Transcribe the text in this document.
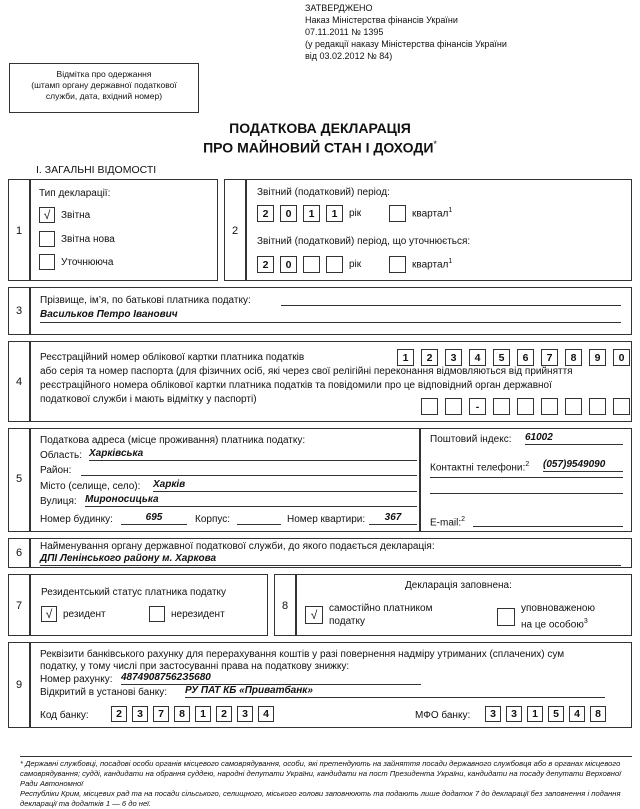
ЗАТВЕРДЖЕНО
Наказ Міністерства фінансів України
07.11.2011 № 1395
(у редакції наказу Міністерства фінансів України
від 03.02.2012 № 84)
Відмітка про одержання
(штамп органу державної податкової
служби, дата, вхідний номер)
ПОДАТКОВА ДЕКЛАРАЦІЯ
ПРО МАЙНОВИЙ СТАН І ДОХОДИ*
І. ЗАГАЛЬНІ ВІДОМОСТІ
1
Тип декларації:
√	Звітна
Звітна нова
Уточнююча
2
Звітний (податковий) період:
2	0	1	1	рік	квартал$^1$
Звітний (податковий) період, що уточнюється:
2	0	рік	квартал$^1$
3
Прізвище, ім’я, по батькові платника податку:
Васильков Петро Іванович
4
Реєстраційний номер облікової картки платника податків
або серія та номер паспорта (для фізичних осіб, які через свої релігійні переконання відмовляються від прийняття
реєстраційного номера облікової картки платника податків та повідомили про це відповідний орган державної
податкової служби і мають відмітку у паспорті)
1	2	3	4	5	6	7	8	9	0
-
5
Податкова адреса (місце проживання) платника податку:
Область: Харківська
Район:
Місто (селище, село): Харків
Вулиця: Мироносицька
Номер будинку:	695	Корпус:	Номер квартири:	367
Поштовий індекс: 61002
Контактні телефони:$^2$ (057)9549090
E-mail:$^2$
6
Найменування органу державної податкової служби, до якого подається декларація:
ДПІ Ленінського району м. Харкова
7
Резидентський статус платника податку
√	резидент	нерезидент
8
Декларація заповнена:
√	самостійно платником
податку
уповноваженою
на це особою$^3$
9
Реквізити банківського рахунку для перерахування коштів у разі повернення надміру утриманих (сплачених) сум
податку, у тому числі при застосуванні права на податкову знижку:
Номер рахунку: 48749087562З5680
Відкритий в установі банку: РУ ПАТ КБ «Приватбанк»
Код банку:	2	3	7	8	1	2	3	4	МФО банку:	3	3	1	5	4	8
* Державні службовці, посадові особи органів місцевого самоврядування, особи, які претендують на зайняття посади державного службовця або в органах місцевого
самоврядування; судді, кандидати на обрання суддею, народні депутати України, кандидати на пост Президента України, кандидати на посаду депутати Верховної Ради Автономної
Республіки Крим, місцевих рад та на посади сільського, селищного, міського голови заповнюють та подають лише додаток 7 до декларації без заповнення і подання
декларації та додатків 1 — 6 до неї.
